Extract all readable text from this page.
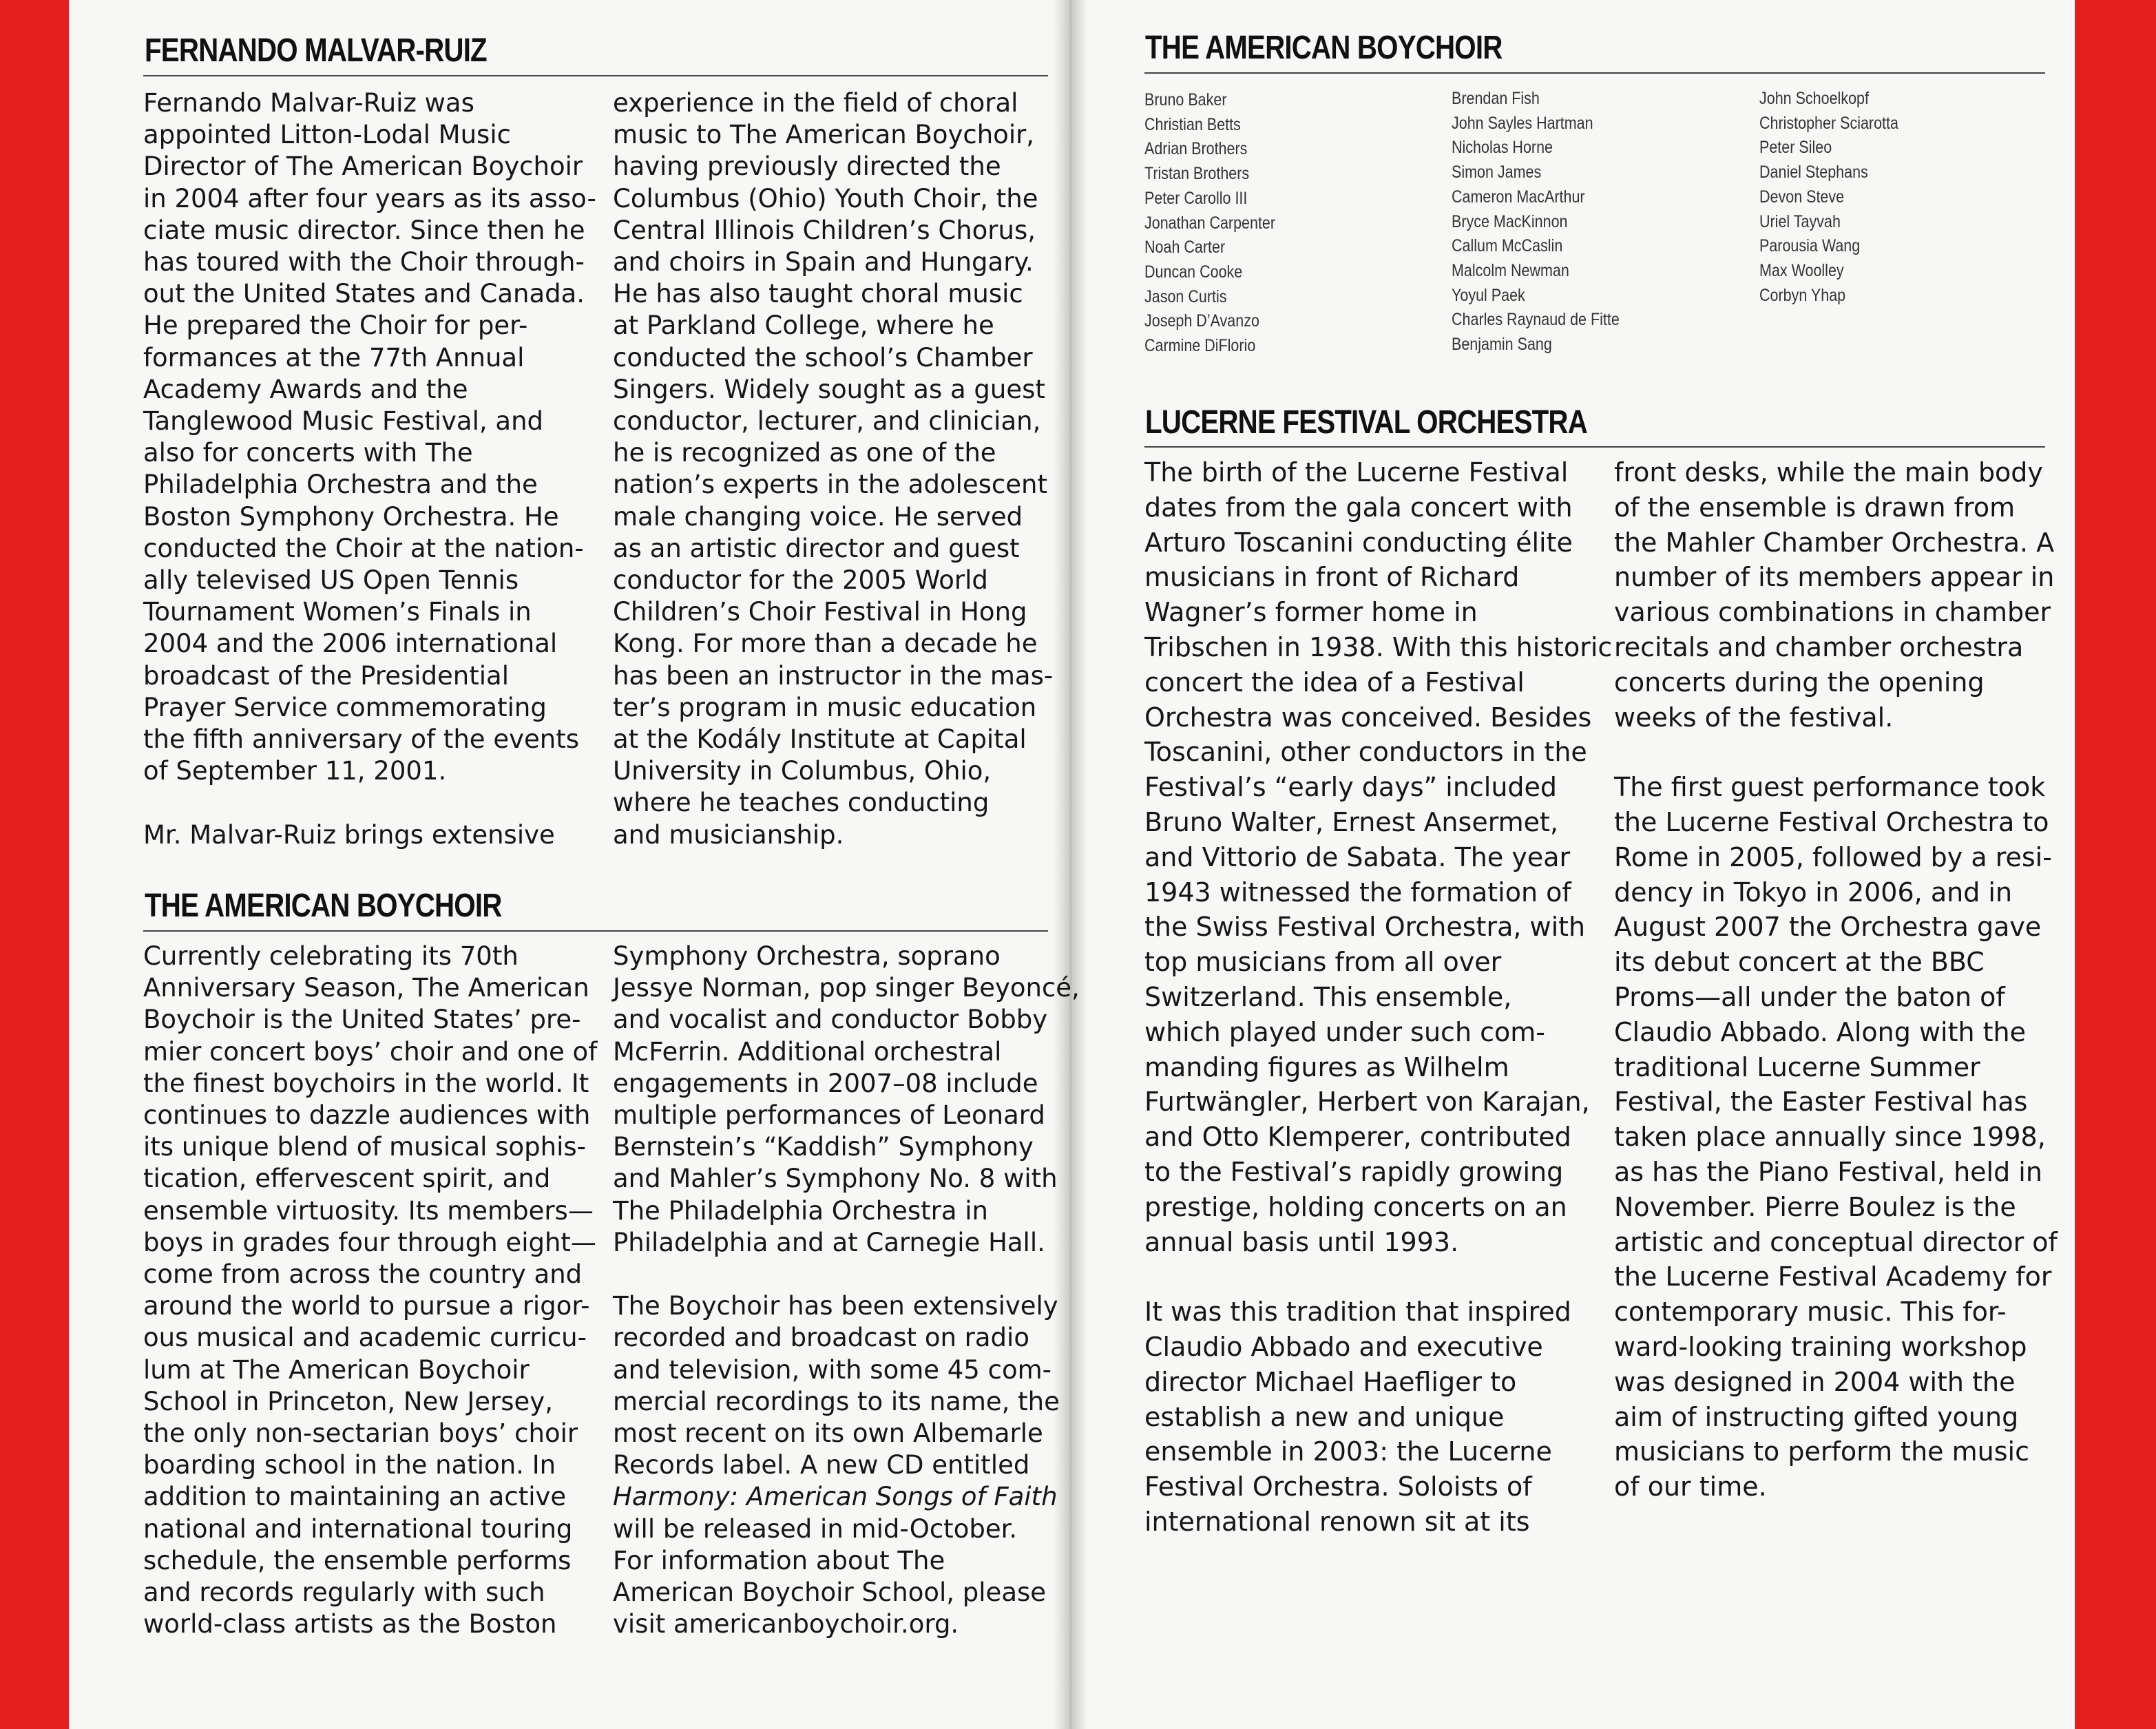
FERNANDO MALVAR-RUIZ
Fernando Malvar-Ruiz was
appointed Litton-Lodal Music
Director of The American Boychoir
in 2004 after four years as its asso-
ciate music director. Since then he
has toured with the Choir through-
out the United States and Canada.
He prepared the Choir for per-
formances at the 77th Annual
Academy Awards and the
Tanglewood Music Festival, and
also for concerts with The
Philadelphia Orchestra and the
Boston Symphony Orchestra. He
conducted the Choir at the nation-
ally televised US Open Tennis
Tournament Women’s Finals in
2004 and the 2006 international
broadcast of the Presidential
Prayer Service commemorating
the fifth anniversary of the events
of September 11, 2001.
Mr. Malvar-Ruiz brings extensive
experience in the field of choral
music to The American Boychoir,
having previously directed the
Columbus (Ohio) Youth Choir, the
Central Illinois Children’s Chorus,
and choirs in Spain and Hungary.
He has also taught choral music
at Parkland College, where he
conducted the school’s Chamber
Singers. Widely sought as a guest
conductor, lecturer, and clinician,
he is recognized as one of the
nation’s experts in the adolescent
male changing voice. He served
as an artistic director and guest
conductor for the 2005 World
Children’s Choir Festival in Hong
Kong. For more than a decade he
has been an instructor in the mas-
ter’s program in music education
at the Kodály Institute at Capital
University in Columbus, Ohio,
where he teaches conducting
and musicianship.
THE AMERICAN BOYCHOIR
Currently celebrating its 70th
Anniversary Season, The American
Boychoir is the United States’ pre-
mier concert boys’ choir and one of
the finest boychoirs in the world. It
continues to dazzle audiences with
its unique blend of musical sophis-
tication, effervescent spirit, and
ensemble virtuosity. Its members—
boys in grades four through eight—
come from across the country and
around the world to pursue a rigor-
ous musical and academic curricu-
lum at The American Boychoir
School in Princeton, New Jersey,
the only non-sectarian boys’ choir
boarding school in the nation. In
addition to maintaining an active
national and international touring
schedule, the ensemble performs
and records regularly with such
world-class artists as the Boston
Symphony Orchestra, soprano
Jessye Norman, pop singer Beyoncé,
and vocalist and conductor Bobby
McFerrin. Additional orchestral
engagements in 2007–08 include
multiple performances of Leonard
Bernstein’s “Kaddish” Symphony
and Mahler’s Symphony No. 8 with
The Philadelphia Orchestra in
Philadelphia and at Carnegie Hall.
The Boychoir has been extensively
recorded and broadcast on radio
and television, with some 45 com-
mercial recordings to its name, the
most recent on its own Albemarle
Records label. A new CD entitled
Harmony: American Songs of Faith
will be released in mid-October.
For information about The
American Boychoir School, please
visit americanboychoir.org.
THE AMERICAN BOYCHOIR
Bruno Baker
Christian Betts
Adrian Brothers
Tristan Brothers
Peter Carollo III
Jonathan Carpenter
Noah Carter
Duncan Cooke
Jason Curtis
Joseph D’Avanzo
Carmine DiFlorio
Brendan Fish
John Sayles Hartman
Nicholas Horne
Simon James
Cameron MacArthur
Bryce MacKinnon
Callum McCaslin
Malcolm Newman
Yoyul Paek
Charles Raynaud de Fitte
Benjamin Sang
John Schoelkopf
Christopher Sciarotta
Peter Sileo
Daniel Stephans
Devon Steve
Uriel Tayvah
Parousia Wang
Max Woolley
Corbyn Yhap
LUCERNE FESTIVAL ORCHESTRA
The birth of the Lucerne Festival
dates from the gala concert with
Arturo Toscanini conducting élite
musicians in front of Richard
Wagner’s former home in
Tribschen in 1938. With this historic
concert the idea of a Festival
Orchestra was conceived. Besides
Toscanini, other conductors in the
Festival’s “early days” included
Bruno Walter, Ernest Ansermet,
and Vittorio de Sabata. The year
1943 witnessed the formation of
the Swiss Festival Orchestra, with
top musicians from all over
Switzerland. This ensemble,
which played under such com-
manding figures as Wilhelm
Furtwängler, Herbert von Karajan,
and Otto Klemperer, contributed
to the Festival’s rapidly growing
prestige, holding concerts on an
annual basis until 1993.
It was this tradition that inspired
Claudio Abbado and executive
director Michael Haefliger to
establish a new and unique
ensemble in 2003: the Lucerne
Festival Orchestra. Soloists of
international renown sit at its
front desks, while the main body
of the ensemble is drawn from
the Mahler Chamber Orchestra. A
number of its members appear in
various combinations in chamber
recitals and chamber orchestra
concerts during the opening
weeks of the festival.
The first guest performance took
the Lucerne Festival Orchestra to
Rome in 2005, followed by a resi-
dency in Tokyo in 2006, and in
August 2007 the Orchestra gave
its debut concert at the BBC
Proms—all under the baton of
Claudio Abbado. Along with the
traditional Lucerne Summer
Festival, the Easter Festival has
taken place annually since 1998,
as has the Piano Festival, held in
November. Pierre Boulez is the
artistic and conceptual director of
the Lucerne Festival Academy for
contemporary music. This for-
ward-looking training workshop
was designed in 2004 with the
aim of instructing gifted young
musicians to perform the music
of our time.
